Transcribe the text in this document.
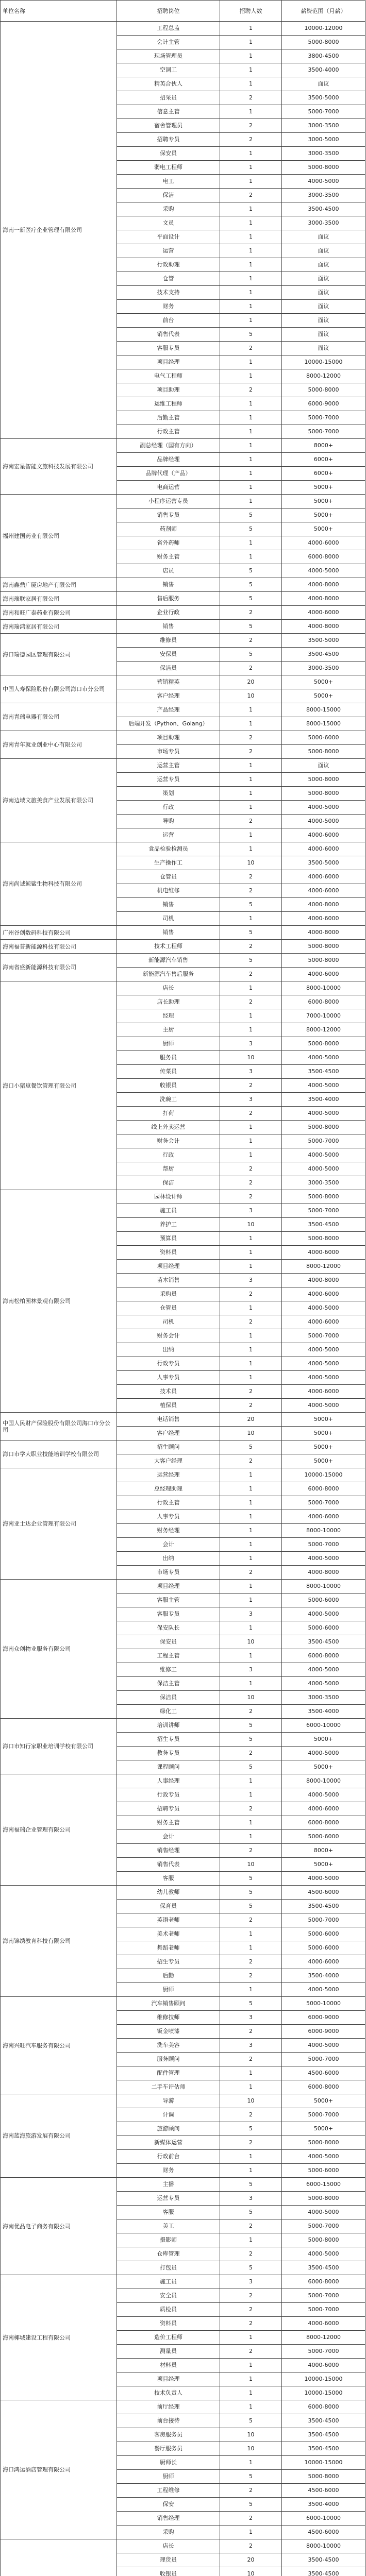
单位名称	招聘岗位	招聘人数	薪资范围（月薪）
海南一新医疗企业管理有限公司	工程总监	1	10000-12000
	会计主管	1	5000-8000
	现场管理员	1	3800-4500
	空调工	1	3500-4000
	精英合伙人	1	面议
	招采员	2	3500-5000
	信息主管	1	5000-7000
	宿舍管理员	2	3000-3500
	招聘专员	2	3000-5000
	保安员	1	3000-3500
	弱电工程师	1	5000-8000
	电工	1	4000-5000
	保洁	2	3000-3500
	采购	1	3500-4500
	文员	1	3000-3500
	平面设计	1	面议
	运营	1	面议
	行政助理	1	面议
	仓管	1	面议
	技术支持	1	面议
	财务	1	面议
	前台	1	面议
	销售代表	5	面议
	客服专员	2	面议
	项目经理	1	10000-15000
	电气工程师	1	8000-12000
	项目助理	2	5000-8000
	运维工程师	1	6000-9000
	后勤主管	1	5000-7000
	行政主管	1	5000-7000
海南宏星智能文旅科技发展有限公司	副总经理（国有方向）	1	8000+
	品牌经理	1	6000+
	品牌代理（产品）	1	6000+
	电商运营	1	5000+
福州建国药业有限公司	小程序运营专员	1	5000+
	销售专员	5	5000+
	药剂师	5	5000+
	省外药师	1	4000-6000
	财务主管	1	6000-8000
	店员	5	4000-5000
海南鑫鼎广厦房地产有限公司	销售	5	4000-8000
海南瑞联家居有限公司	售后服务	5	4000-8000
海南和旺广泰药业有限公司	企业行政	2	4000-6000
海南瑞鸿家居有限公司	销售	5	4000-8000
海口瑞德园区管理有限公司	维修员	2	3500-5000
	安保员	5	3500-4500
	保洁员	2	3000-3500
中国人寿保险股份有限公司海口市分公司	营销精英	20	5000+
	客户经理	10	5000+
海南青瑞电器有限公司	产品经理	1	8000-15000
	后端开发（Python、Golang）	1	8000-15000
海南青年就业创业中心有限公司	项目助理	2	5000-6000
	市场专员	2	5000-8000
海南边域文旅美食产业发展有限公司	运营主管	1	面议
	运营专员	1	5000-8000
	策划	1	5000-8000
	行政	1	4000-5000
	导购	2	4000-5000
	运营	1	4000-6000
海南尚诚鲸鲨生物科技有限公司	食品检验检测员	1	4000-6000
	生产操作工	10	3500-5000
	仓管员	2	4000-6000
	机电维修	2	4000-6000
	销售	5	4000-8000
	司机	1	4000-6000
广州谷创数码科技有限公司	销售	5	4000-8000
海南福普新能源科技有限公司	技术工程师	2	5000-8000
海南省盛新能源科技有限公司	新能源汽车销售	5	5000-8000
	新能源汽车售后服务	2	4000-6000
海口小猪崽餐饮管理有限公司	店长	1	8000-10000
	店长助理	2	6000-8000
	经理	1	7000-10000
	主厨	1	8000-12000
	厨师	3	5000-8000
	服务员	10	4000-5000
	传菜员	3	3500-4500
	收银员	2	4000-5000
	洗碗工	3	3500-4000
	打荷	2	4000-5000
	线上外卖运营	1	5000-8000
	财务会计	1	5000-7000
	行政	1	4000-5000
	帮厨	2	4000-5000
	保洁	2	3000-3500
海南松柏园林景观有限公司	园林设计师	2	5000-8000
	施工员	3	5000-7000
	养护工	10	3500-4500
	预算员	1	5000-8000
	资料员	1	4000-6000
	项目经理	1	8000-12000
	苗木销售	3	4000-8000
	采购员	2	4000-6000
	仓管员	1	4000-5000
	司机	2	4000-6000
	财务会计	1	5000-7000
	出纳	1	4000-5000
	行政专员	1	4000-5000
	人事专员	1	4000-5000
	技术员	2	4000-6000
	植保员	2	4000-5000
中国人民财产保险股份有限公司海口市分公司	电话销售	20	5000+
	客户经理	10	5000+
海口市学大职业技能培训学校有限公司	招生顾问	5	5000+
	大客户经理	2	5000+
海南亚士达企业管理有限公司	运营经理	1	10000-15000
	总经理助理	1	6000-8000
	行政主管	1	5000-7000
	人事专员	1	4000-6000
	财务经理	1	8000-10000
	会计	1	5000-7000
	出纳	1	4000-5000
	市场专员	2	4000-8000
海南众创物业服务有限公司	项目经理	1	8000-10000
	客服主管	1	5000-6000
	客服专员	3	4000-5000
	保安队长	1	5000-6000
	保安员	10	3500-4500
	工程主管	1	6000-8000
	维修工	3	4000-5000
	保洁主管	1	4000-5000
	保洁员	10	3000-3500
	绿化工	2	3500-4000
海口市知行家职业培训学校有限公司	培训讲师	5	6000-10000
	招生专员	5	5000+
	教务专员	2	4000-5000
	课程顾问	5	5000+
海南福瑞企业管理有限公司	人事经理	1	8000-10000
	行政专员	1	4000-5000
	招聘专员	2	4000-6000
	财务主管	1	6000-8000
	会计	1	5000-6000
	销售经理	2	8000+
	销售代表	10	5000+
	客服	5	4000-5000
海南锦绣教育科技有限公司	幼儿教师	5	4500-6000
	保育员	5	3500-4500
	英语老师	2	5000-7000
	美术老师	1	5000-6000
	舞蹈老师	1	5000-6000
	招生专员	2	4000-6000
	后勤	2	3500-4000
	厨师	1	4000-5000
海南兴旺汽车服务有限公司	汽车销售顾问	5	5000-10000
	维修技师	3	6000-9000
	钣金喷漆	2	6000-9000
	洗车美容	3	4000-5000
	服务顾问	2	5000-7000
	配件管理	1	4500-6000
	二手车评估师	1	6000-8000
海南蓝海旅游发展有限公司	导游	10	5000+
	计调	2	5000-7000
	旅游顾问	5	5000+
	新媒体运营	2	5000-8000
	行政前台	1	4000-5000
	财务	1	5000-6000
海南优品电子商务有限公司	主播	5	6000-15000
	运营专员	3	5000-8000
	客服	5	4000-5000
	美工	2	5000-7000
	摄影师	1	5000-8000
	仓库管理	2	4000-5000
	打包员	5	3500-4500
海南椰城建设工程有限公司	施工员	3	6000-8000
	安全员	2	5000-7000
	质检员	2	5000-7000
	资料员	2	4000-6000
	造价工程师	1	8000-12000
	测量员	2	5000-7000
	材料员	1	4000-6000
	项目经理	1	10000-15000
	技术负责人	1	10000-15000
海口鸿运酒店管理有限公司	前厅经理	1	6000-8000
	前台接待	5	3500-4500
	客房服务员	10	3500-4500
	餐厅服务员	10	3500-4500
	厨师长	1	10000-15000
	厨师	5	5000-8000
	工程维修	2	4500-6000
	保安	5	3500-4000
	销售经理	2	6000-10000
	采购	1	4500-6000
	店长	2	8000-10000
	理货员	20	3500-4500
	收银员	10	3500-4500
